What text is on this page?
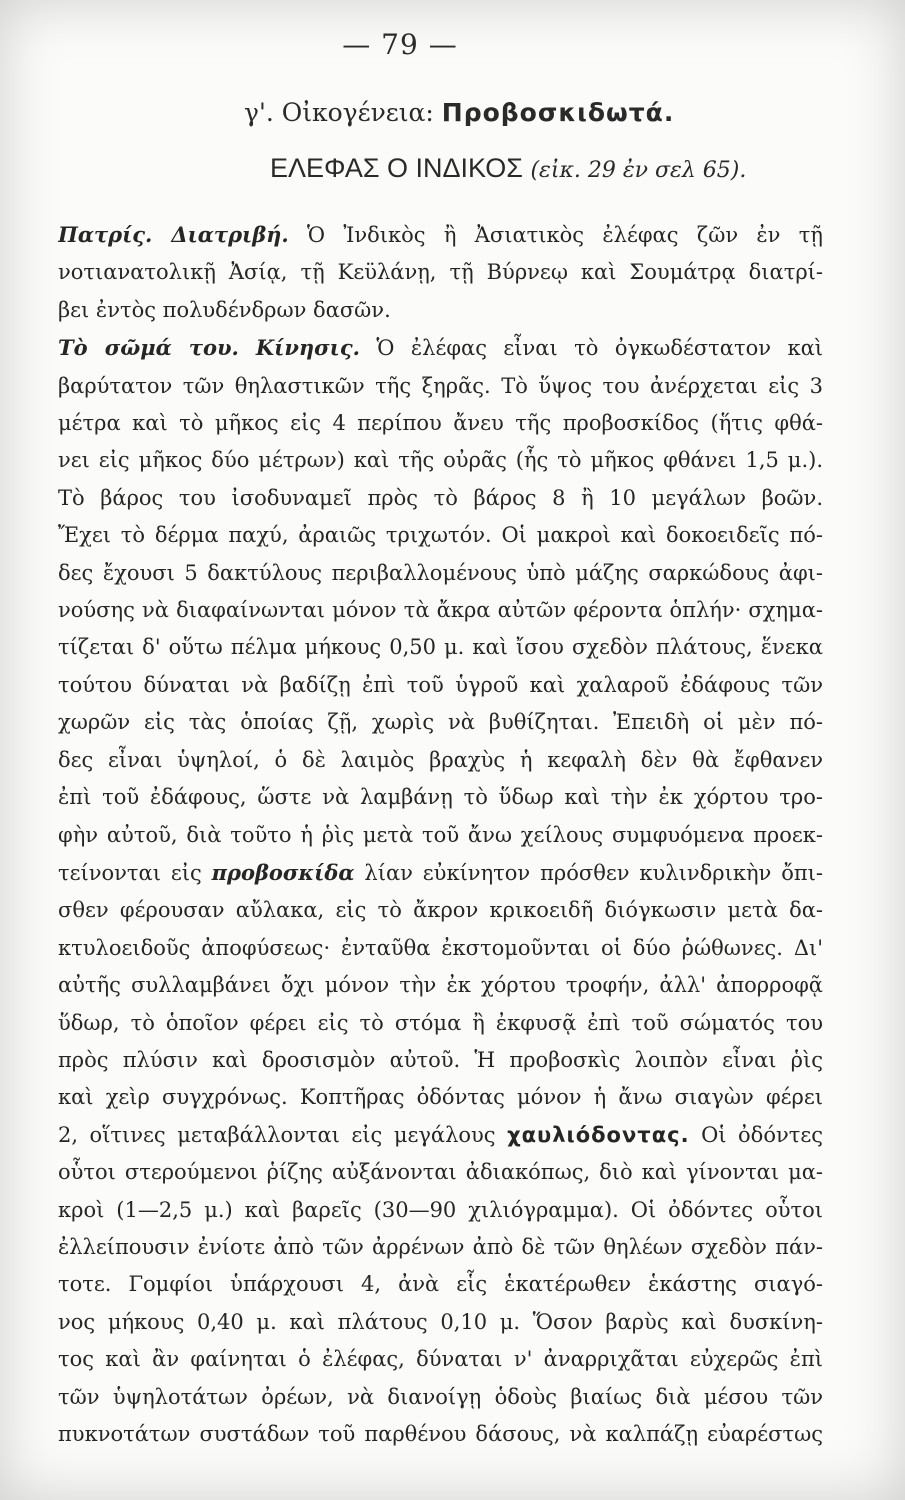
— 79 —
γ'. Οἰκογένεια: Προβοσκιδωτά.
ΕΛΕΦΑΣ Ο ΙΝΔΙΚΟΣ (εἰκ. 29 ἐν σελ 65).
Πατρίς. Διατριβή. Ὁ Ἰνδικὸς ἢ Ἀσιατικὸς ἐλέφας ζῶν ἐν τῇ
νοτιανατολικῇ Ἀσίᾳ, τῇ Κεϋλάνῃ, τῇ Βύρνεῳ καὶ Σουμάτρᾳ διατρί-
βει ἐντὸς πολυδένδρων δασῶν.
Τὸ σῶμά του. Κίνησις. Ὁ ἐλέφας εἶναι τὸ ὀγκωδέστατον καὶ
βαρύτατον τῶν θηλαστικῶν τῆς ξηρᾶς. Τὸ ὕψος του ἀνέρχεται εἰς 3
μέτρα καὶ τὸ μῆκος εἰς 4 περίπου ἄνευ τῆς προβοσκίδος (ἥτις φθά-
νει εἰς μῆκος δύο μέτρων) καὶ τῆς οὐρᾶς (ἧς τὸ μῆκος φθάνει 1,5 μ.).
Τὸ βάρος του ἰσοδυναμεῖ πρὸς τὸ βάρος 8 ἢ 10 μεγάλων βοῶν.
Ἔχει τὸ δέρμα παχύ, ἀραιῶς τριχωτόν. Οἱ μακροὶ καὶ δοκοειδεῖς πό-
δες ἔχουσι 5 δακτύλους περιβαλλομένους ὑπὸ μάζης σαρκώδους ἀφι-
νούσης νὰ διαφαίνωνται μόνον τὰ ἄκρα αὐτῶν φέροντα ὁπλήν· σχημα-
τίζεται δ' οὕτω πέλμα μήκους 0,50 μ. καὶ ἴσου σχεδὸν πλάτους, ἕνεκα
τούτου δύναται νὰ βαδίζῃ ἐπὶ τοῦ ὑγροῦ καὶ χαλαροῦ ἐδάφους τῶν
χωρῶν εἰς τὰς ὁποίας ζῇ, χωρὶς νὰ βυθίζηται. Ἐπειδὴ οἱ μὲν πό-
δες εἶναι ὑψηλοί, ὁ δὲ λαιμὸς βραχὺς ἡ κεφαλὴ δὲν θὰ ἔφθανεν
ἐπὶ τοῦ ἐδάφους, ὥστε νὰ λαμβάνῃ τὸ ὕδωρ καὶ τὴν ἐκ χόρτου τρο-
φὴν αὐτοῦ, διὰ τοῦτο ἡ ῥὶς μετὰ τοῦ ἄνω χείλους συμφυόμενα προεκ-
τείνονται εἰς προβοσκίδα λίαν εὐκίνητον πρόσθεν κυλινδρικὴν ὄπι-
σθεν φέρουσαν αὔλακα, εἰς τὸ ἄκρον κρικοειδῆ διόγκωσιν μετὰ δα-
κτυλοειδοῦς ἀποφύσεως· ἐνταῦθα ἐκστομοῦνται οἱ δύο ῥώθωνες. Δι'
αὐτῆς συλλαμβάνει ὄχι μόνον τὴν ἐκ χόρτου τροφήν, ἀλλ' ἀπορροφᾷ
ὕδωρ, τὸ ὁποῖον φέρει εἰς τὸ στόμα ἢ ἐκφυσᾷ ἐπὶ τοῦ σώματός του
πρὸς πλύσιν καὶ δροσισμὸν αὐτοῦ. Ἡ προβοσκὶς λοιπὸν εἶναι ῥὶς
καὶ χεὶρ συγχρόνως. Κοπτῆρας ὀδόντας μόνον ἡ ἄνω σιαγὼν φέρει
2, οἵτινες μεταβάλλονται εἰς μεγάλους χαυλιόδοντας. Οἱ ὀδόντες
οὗτοι στερούμενοι ῥίζης αὐξάνονται ἀδιακόπως, διὸ καὶ γίνονται μα-
κροὶ (1—2,5 μ.) καὶ βαρεῖς (30—90 χιλιόγραμμα). Οἱ ὀδόντες οὗτοι
ἐλλείπουσιν ἐνίοτε ἀπὸ τῶν ἀρρένων ἀπὸ δὲ τῶν θηλέων σχεδὸν πάν-
τοτε. Γομφίοι ὑπάρχουσι 4, ἀνὰ εἷς ἑκατέρωθεν ἑκάστης σιαγό-
νος μήκους 0,40 μ. καὶ πλάτους 0,10 μ. Ὅσον βαρὺς καὶ δυσκίνη-
τος καὶ ἂν φαίνηται ὁ ἐλέφας, δύναται ν' ἀναρριχᾶται εὐχερῶς ἐπὶ
τῶν ὑψηλοτάτων ὀρέων, νὰ διανοίγῃ ὁδοὺς βιαίως διὰ μέσου τῶν
πυκνοτάτων συστάδων τοῦ παρθένου δάσους, νὰ καλπάζῃ εὐαρέστως
